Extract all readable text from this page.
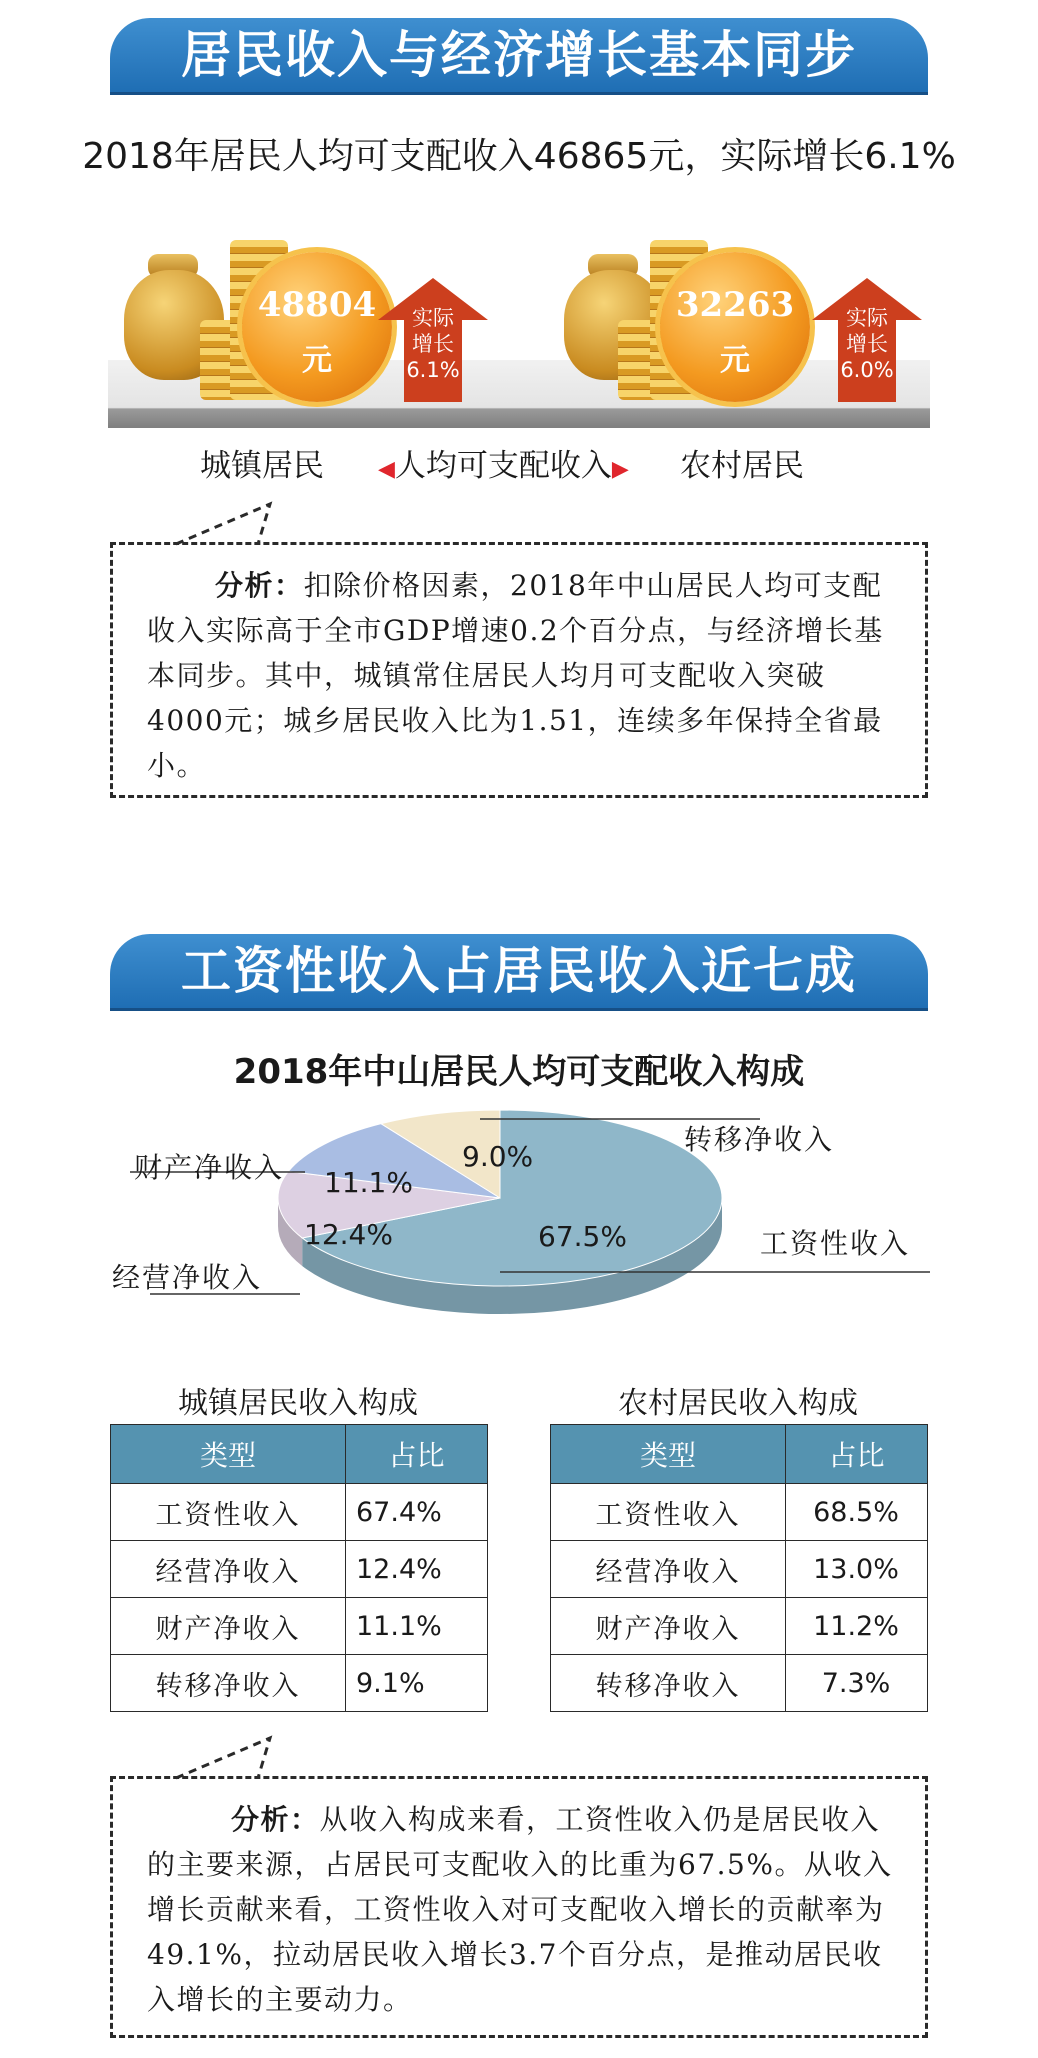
居民收入与经济增长基本同步
2018年居民人均可支配收入46865元，实际增长6.1%
48804
元
实际
增长
6.1%
32263
元
实际
增长
6.0%
城镇居民 ◀人均可支配收入▶ 农村居民
分析：扣除价格因素，2018年中山居民人均可支配收入实际高于全市GDP增速0.2个百分点，与经济增长基本同步。其中，城镇常住居民人均月可支配收入突破4000元；城乡居民收入比为1.51，连续多年保持全省最小。
工资性收入占居民收入近七成
2018年中山居民人均可支配收入构成
转移净收入
财产净收入
经营净收入
工资性收入
9.0%
11.1%
12.4%	67.5%
城镇居民收入构成	农村居民收入构成
类型	占比
工资性收入	67.4%
经营净收入	12.4%
财产净收入	11.1%
转移净收入	9.1%
类型	占比
工资性收入	68.5%
经营净收入	13.0%
财产净收入	11.2%
转移净收入	7.3%
分析：从收入构成来看，工资性收入仍是居民收入的主要来源，占居民可支配收入的比重为67.5%。从收入增长贡献来看，工资性收入对可支配收入增长的贡献率为49.1%，拉动居民收入增长3.7个百分点，是推动居民收入增长的主要动力。
